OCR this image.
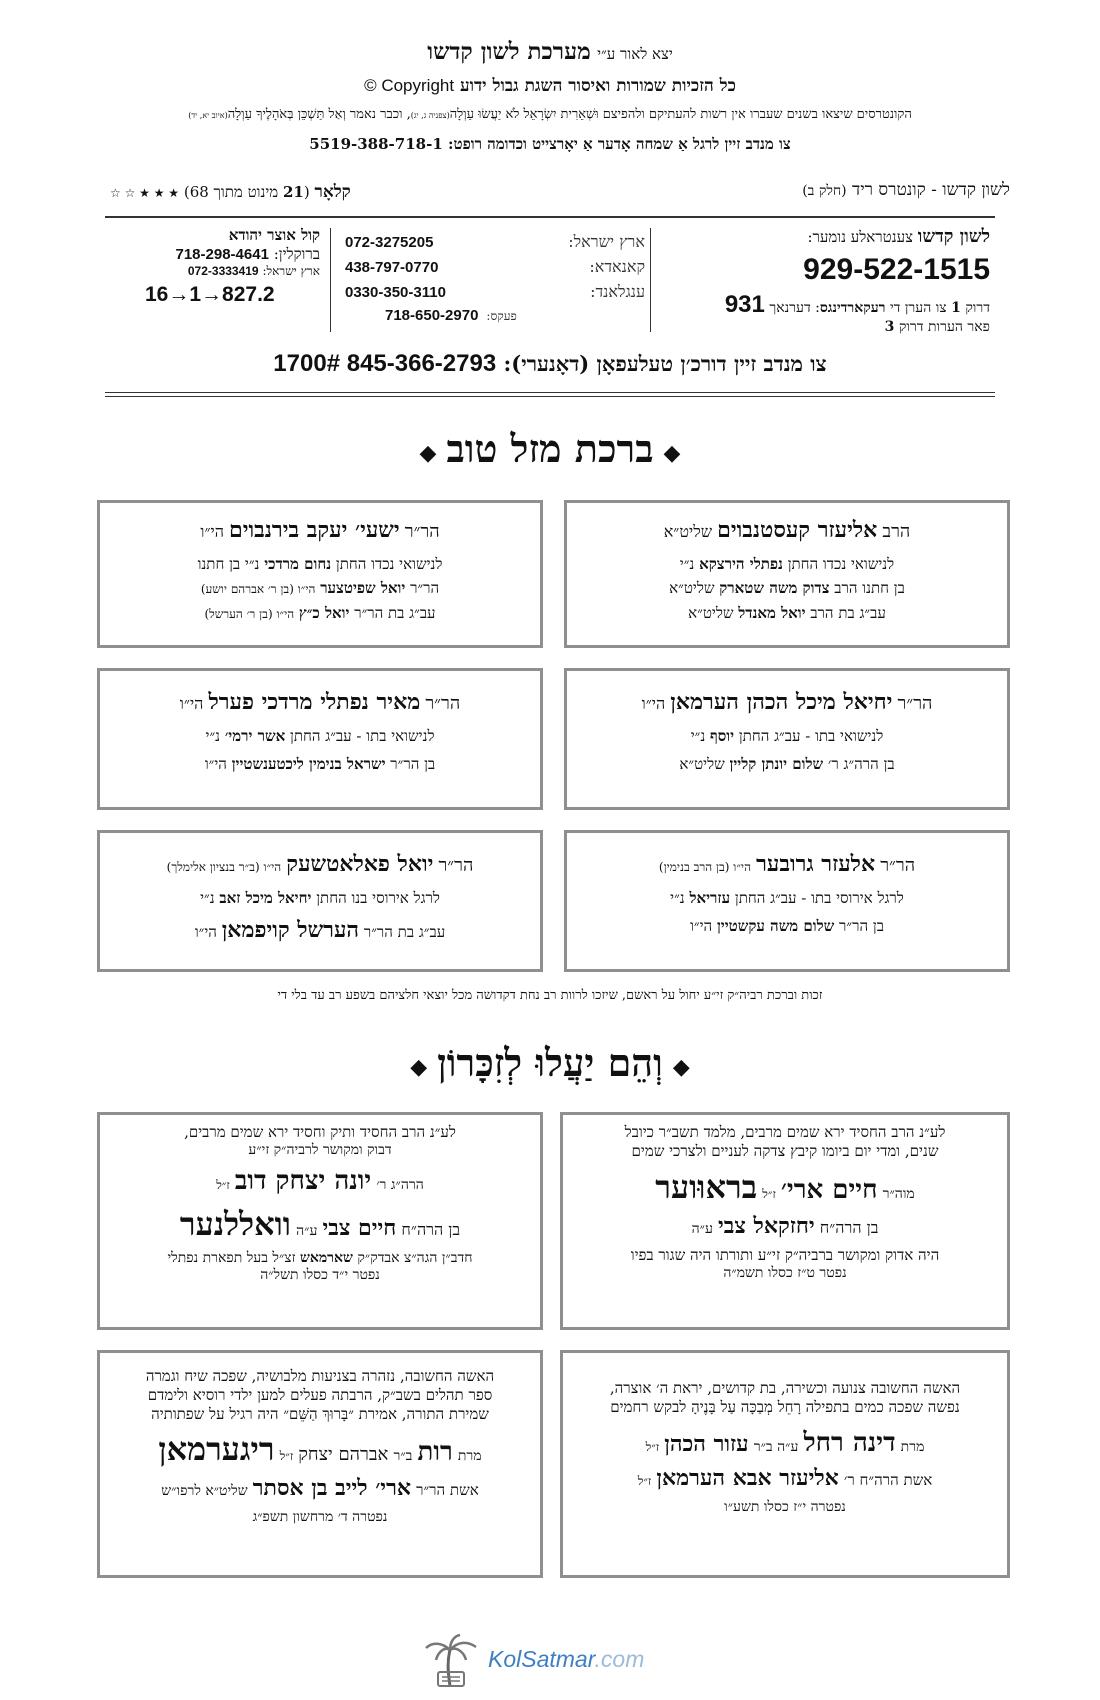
יצא לאור ע״י מערכת לשון קדשו
כל הזכיות שמורות ואיסור השגת גבול ידוע Copyright ©
הקונטרסים שיצאו בשנים שעברו אין רשות להעתיקם ולהפיצם וּשְׁאֵרִית יִשְׂרָאֵל לֹא יַעֲשׂוּ עַוְלָה(צפניה ג, יג), וכבר נאמר וְאַל תַּשְׁכֵּן בְּאֹהָלֶיךָ עַוְלָה(איוב יא, יד)
צו מנדב זיין לרגל אַ שמחה אָדער אַ יאָרצייט וכדומה רופט: 5519-388-718-1
לשון קדשו - קונטרס ריד (חלק ב)
קלאָר (21 מינוט מתוך 68) ★ ★ ★ ☆ ☆
לשון קדשו צענטראלע נומער:
929-522-1515
דרוק 1 צו הערן די רעקארדינגס: דערנאך 931
פאר הערות דרוק 3
072-3275205	ארץ ישראל:
438-797-0770	קאנאדא:
0330-350-3110	ענגלאנד:
718-650-2970 פעקס:
קול אוצר יהודא
ברוקלין: 718-298-4641
ארץ ישראל: 072-3333419
16→1→827.2
צו מנדב זיין דורכ׳ן טעלעפאָן (דאָנערי): 845-366-2793 1700#
◆ברכת מזל טוב◆
הרב אליעזר קעסטנבוים שליט״א
לנישואי נכדו החתן נפתלי הירצקא נ״י
בן חתנו הרב צדוק משה שטארק שליט״א
עב״ג בת הרב יואל מאנדל שליט״א
הר״ר ישעי׳ יעקב בירנבוים הי״ו
לנישואי נכדו החתן נחום מרדכי נ״י בן חתנו
הר״ר יואל שפיטצער הי״ו (בן ר׳ אברהם יושע)
עב״ג בת הר״ר יואל כ״ץ הי״ו (בן ר׳ הערשל)
הר״ר יחיאל מיכל הכהן הערמאן הי״ו
לנישואי בתו - עב״ג החתן יוסף נ״י
בן הרה״ג ר׳ שלום יונתן קליין שליט״א
הר״ר מאיר נפתלי מרדכי פערל הי״ו
לנישואי בתו - עב״ג החתן אשר ירמי׳ נ״י
בן הר״ר ישראל בנימין ליכטענשטיין הי״ו
הר״ר אלעזר גרובער הי״ו (בן הרב בנימין)
לרגל אירוסי בתו - עב״ג החתן עזריאל נ״י
בן הר״ר שלום משה עקשטיין הי״ו
הר״ר יואל פאלאטשעק הי״ו (ב״ר בנציון אלימלך)
לרגל אירוסי בנו החתן יחיאל מיכל זאב נ״י
עב״ג בת הר״ר הערשל קויפמאן הי״ו
זכות וברכת רביה״ק זי״ע יחול על ראשם, שיזכו לרוות רב נחת דקדושה מכל יוצאי חלציהם בשפע רב עד בלי די
◆וְהֵם יַעֲלוּ לְזִכָּרוֹן◆
לע״נ הרב החסיד ירא שמים מרבים, מלמד תשב״ר כיובל
שנים, ומדי יום ביומו קיבץ צדקה לעניים ולצרכי שמים
מוה״ר חיים ארי׳ ז״ל בראוּוער
בן הרה״ח יחזקאל צבי ע״ה
היה אדוק ומקושר ברביה״ק זי״ע ותורתו היה שגור בפיו
נפטר ט״ז כסלו תשמ״ה
לע״נ הרב החסיד ותיק וחסיד ירא שמים מרבים,
דבוק ומקושר לרביה״ק זי״ע
הרה״ג ר׳ יונה יצחק דוב ז״ל
בן הרה״ח חיים צבי ע״ה וואללנער
חדב״ן הגה״צ אבדק״ק שארמאש זצ״ל בעל תפארת נפתלי
נפטר י״ד כסלו תשל״ה
האשה החשובה צנועה וכשירה, בת קדושים, יראת ה׳ אוצרה,
נפשה שפכה כמים בתפילה רָחֵל מְבַכָּה עַל בָּנֶיהָ לבקש רחמים
מרת דינה רחל ע״ה ב״ר עזור הכהן ז״ל
אשת הרה״ח ר׳ אליעזר אבא הערמאן ז״ל
נפטרה י״ז כסלו תשע״ו
האשה החשובה, נזהרה בצניעות מלבושיה, שפכה שיח וגמרה
ספר תהלים בשב״ק, הרבתה פעלים למען ילדי רוסיא ולימדם
שמירת התורה, אמירת ״בָּרוּךְ הַשֵּׁם״ היה רגיל על שפתותיה
מרת רות ב״ר אברהם יצחק ז״ל ריגערמאן
אשת הר״ר ארי׳ לייב בן אסתר שליט״א לרפו״ש
נפטרה ד׳ מרחשון תשפ״ג
KolSatmar.com
